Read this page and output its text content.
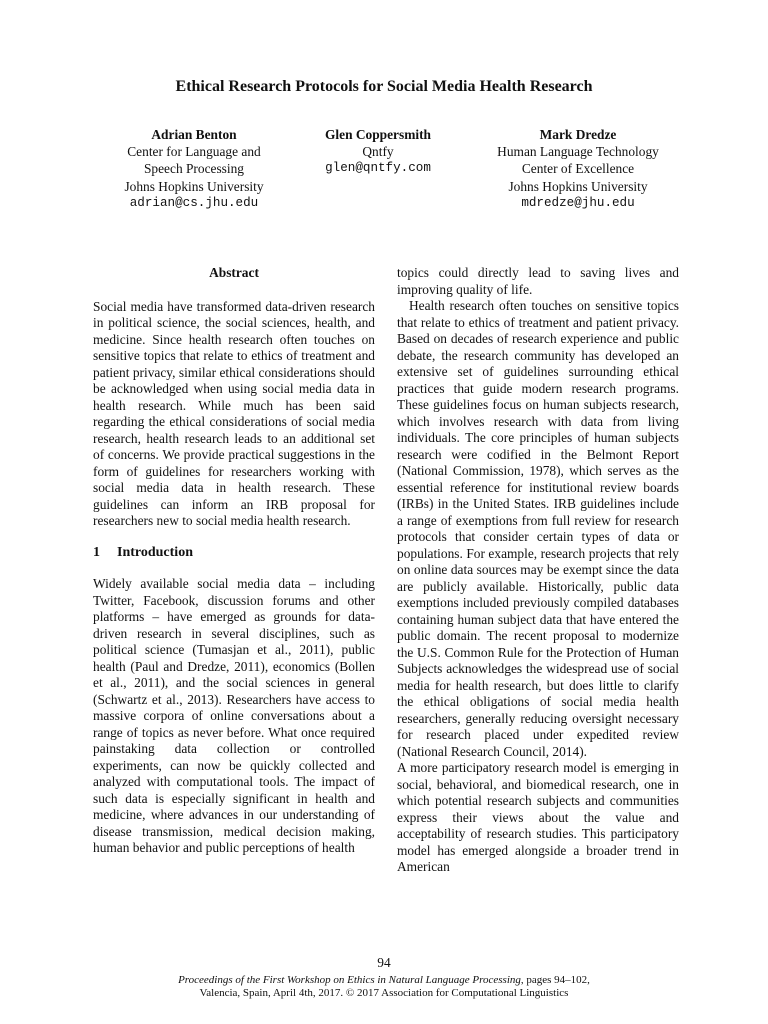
Ethical Research Protocols for Social Media Health Research
Adrian Benton
Center for Language and
Speech Processing
Johns Hopkins University
adrian@cs.jhu.edu
Glen Coppersmith
Qntfy
glen@qntfy.com
Mark Dredze
Human Language Technology
Center of Excellence
Johns Hopkins University
mdredze@jhu.edu
Abstract

Social media have transformed data-driven research in political science, the social sciences, health, and medicine. Since health research often touches on sensitive topics that relate to ethics of treatment and patient privacy, similar ethical considerations should be acknowledged when using social media data in health research. While much has been said regarding the ethical considerations of social media research, health research leads to an additional set of concerns. We provide practical suggestions in the form of guidelines for researchers working with social media data in health research. These guidelines can inform an IRB proposal for researchers new to social media health research.

1 Introduction

Widely available social media data – including Twitter, Facebook, discussion forums and other platforms – have emerged as grounds for data-driven research in several disciplines, such as political science (Tumasjan et al., 2011), public health (Paul and Dredze, 2011), economics (Bollen et al., 2011), and the social sciences in general (Schwartz et al., 2013). Researchers have access to massive corpora of online conversations about a range of topics as never before. What once required painstaking data collection or controlled experiments, can now be quickly collected and analyzed with computational tools. The impact of such data is especially significant in health and medicine, where advances in our understanding of disease transmission, medical decision making, human behavior and public perceptions of health

topics could directly lead to saving lives and improving quality of life.

Health research often touches on sensitive topics that relate to ethics of treatment and patient privacy. Based on decades of research experience and public debate, the research community has developed an extensive set of guidelines surrounding ethical practices that guide modern research programs. These guidelines focus on human subjects research, which involves research with data from living individuals. The core principles of human subjects research were codified in the Belmont Report (National Commission, 1978), which serves as the essential reference for institutional review boards (IRBs) in the United States. IRB guidelines include a range of exemptions from full review for research protocols that consider certain types of data or populations. For example, research projects that rely on online data sources may be exempt since the data are publicly available. Historically, public data exemptions included previously compiled databases containing human subject data that have entered the public domain. The recent proposal to modernize the U.S. Common Rule for the Protection of Human Subjects acknowledges the widespread use of social media for health research, but does little to clarify the ethical obligations of social media health researchers, generally reducing oversight necessary for research placed under expedited review (National Research Council, 2014).

A more participatory research model is emerging in social, behavioral, and biomedical research, one in which potential research subjects and communities express their views about the value and acceptability of research studies. This participatory model has emerged alongside a broader trend in American

94
Proceedings of the First Workshop on Ethics in Natural Language Processing, pages 94–102,
Valencia, Spain, April 4th, 2017. © 2017 Association for Computational Linguistics
